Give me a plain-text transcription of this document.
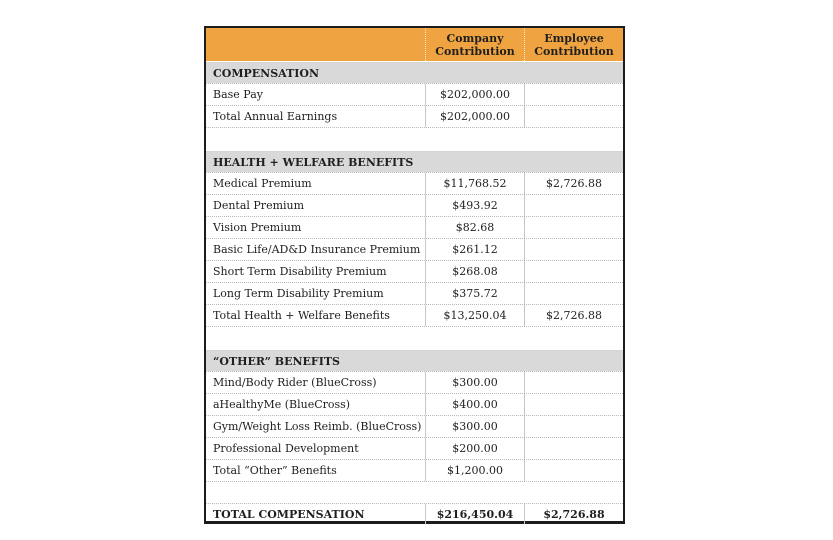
Company Contribution
Employee Contribution
COMPENSATION
Base Pay	$202,000.00
Total Annual Earnings	$202,000.00
HEALTH + WELFARE BENEFITS
Medical Premium	$11,768.52	$2,726.88
Dental Premium	$493.92
Vision Premium	$82.68
Basic Life/AD&D Insurance Premium	$261.12
Short Term Disability Premium	$268.08
Long Term Disability Premium	$375.72
Total Health + Welfare Benefits	$13,250.04	$2,726.88
“OTHER” BENEFITS
Mind/Body Rider (BlueCross)	$300.00
aHealthyMe (BlueCross)	$400.00
Gym/Weight Loss Reimb. (BlueCross)	$300.00
Professional Development	$200.00
Total “Other” Benefits	$1,200.00
TOTAL COMPENSATION	$216,450.04	$2,726.88
